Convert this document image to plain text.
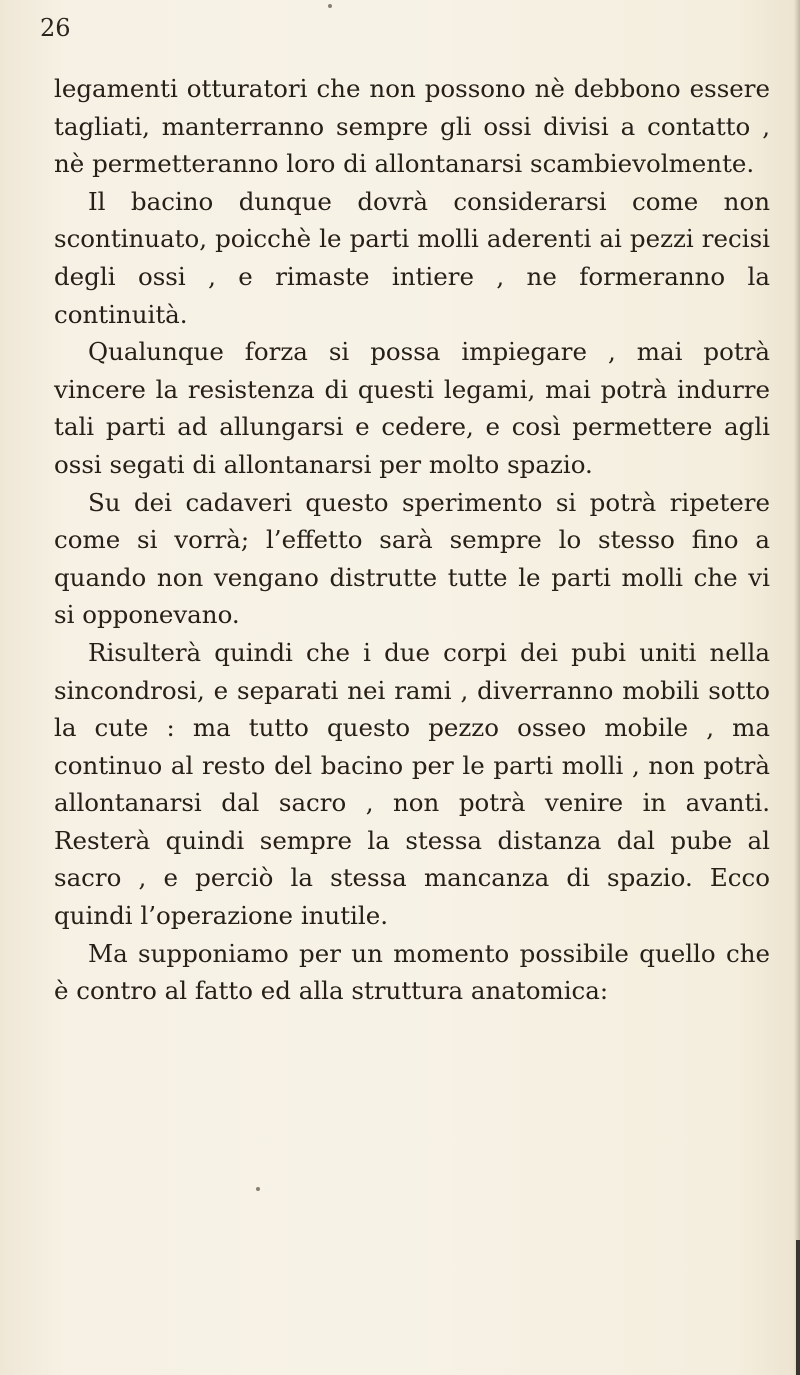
26

legamenti otturatori che non possono nè debbono essere tagliati, manterranno sempre gli ossi divisi a contatto , nè permetteranno loro di allontanarsi scambievolmente.

Il bacino dunque dovrà considerarsi come non scontinuato, poicchè le parti molli aderenti ai pezzi recisi degli ossi , e rimaste intiere , ne formeranno la continuità.

Qualunque forza si possa impiegare , mai potrà vincere la resistenza di questi legami, mai potrà indurre tali parti ad allungarsi e cedere, e così permettere agli ossi segati di allontanarsi per molto spazio.

Su dei cadaveri questo sperimento si potrà ripetere come si vorrà; l’effetto sarà sempre lo stesso fino a quando non vengano distrutte tutte le parti molli che vi si opponevano.

Risulterà quindi che i due corpi dei pubi uniti nella sincondrosi, e separati nei rami , diverranno mobili sotto la cute : ma tutto questo pezzo osseo mobile , ma continuo al resto del bacino per le parti molli , non potrà allontanarsi dal sacro , non potrà venire in avanti. Resterà quindi sempre la stessa distanza dal pube al sacro , e perciò la stessa mancanza di spazio. Ecco quindi l’operazione inutile.

Ma supponiamo per un momento possibile quello che è contro al fatto ed alla struttura anatomica:
